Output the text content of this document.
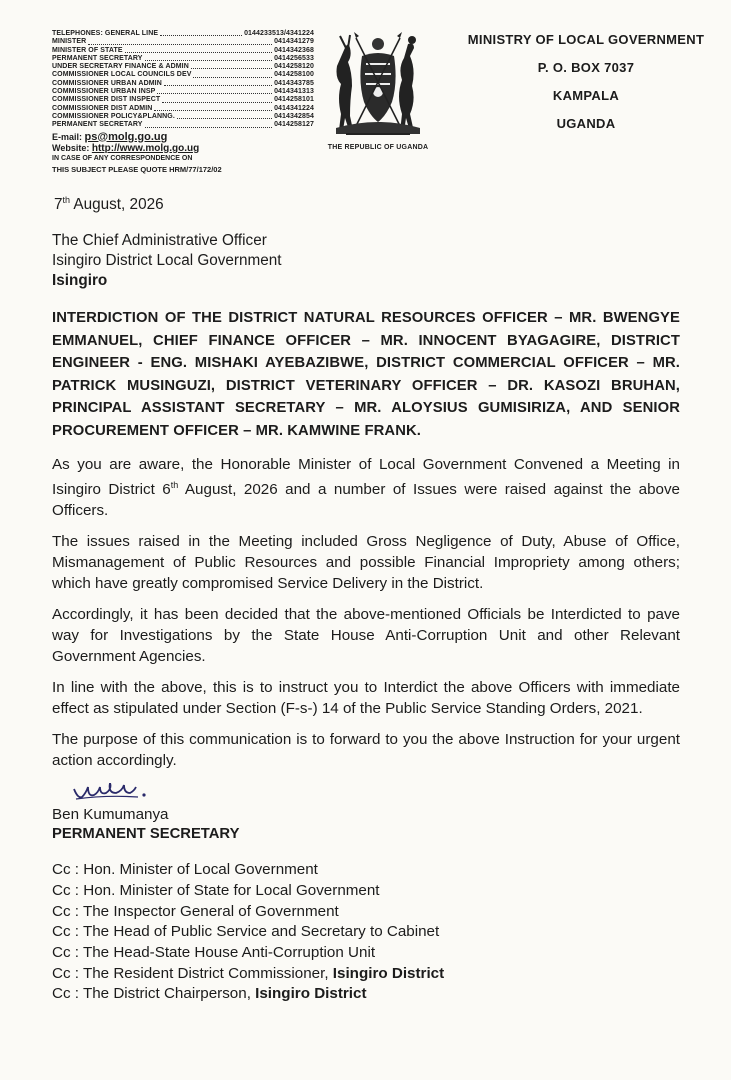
TELEPHONES: GENERAL LINE	0144233513/4341224
MINISTER	0414341279
MINISTER OF STATE	0414342368
PERMANENT SECRETARY	0414256533
UNDER SECRETARY FINANCE & ADMIN	0414258120
COMMISSIONER LOCAL COUNCILS DEV	0414258100
COMMISSIONER URBAN ADMIN	0414343785
COMMISSIONER URBAN INSP	0414341313
COMMISSIONER DIST INSPECT	0414258101
COMMISSIONER DIST ADMIN	0414341224
COMMISSIONER POLICY&PLANNG.	0414342854
PERMANENT SECRETARY	0414258127
E-mail: ps@molg.go.ug
Website: http://www.molg.go.ug
IN CASE OF ANY CORRESPONDENCE ON
THIS SUBJECT PLEASE QUOTE HRM/77/172/02
THE REPUBLIC OF UGANDA
MINISTRY OF LOCAL GOVERNMENT
P. O. BOX 7037
KAMPALA
UGANDA
7th August, 2026
The Chief Administrative Officer
Isingiro District Local Government
Isingiro
INTERDICTION OF THE DISTRICT NATURAL RESOURCES OFFICER – MR. BWENGYE EMMANUEL, CHIEF FINANCE OFFICER – MR. INNOCENT BYAGAGIRE, DISTRICT ENGINEER - ENG. MISHAKI AYEBAZIBWE, DISTRICT COMMERCIAL OFFICER – MR. PATRICK MUSINGUZI, DISTRICT VETERINARY OFFICER – DR. KASOZI BRUHAN, PRINCIPAL ASSISTANT SECRETARY – MR. ALOYSIUS GUMISIRIZA, AND SENIOR PROCUREMENT OFFICER – MR. KAMWINE FRANK.
As you are aware, the Honorable Minister of Local Government Convened a Meeting in Isingiro District 6th August, 2026 and a number of Issues were raised against the above Officers.
The issues raised in the Meeting included Gross Negligence of Duty, Abuse of Office, Mismanagement of Public Resources and possible Financial Impropriety among others; which have greatly compromised Service Delivery in the District.
Accordingly, it has been decided that the above-mentioned Officials be Interdicted to pave way for Investigations by the State House Anti-Corruption Unit and other Relevant Government Agencies.
In line with the above, this is to instruct you to Interdict the above Officers with immediate effect as stipulated under Section (F-s-) 14 of the Public Service Standing Orders, 2021.
The purpose of this communication is to forward to you the above Instruction for your urgent action accordingly.
Ben Kumumanya
PERMANENT SECRETARY
Cc : Hon. Minister of Local Government
Cc : Hon. Minister of State for Local Government
Cc : The Inspector General of Government
Cc : The Head of Public Service and Secretary to Cabinet
Cc : The Head-State House Anti-Corruption Unit
Cc : The Resident District Commissioner, Isingiro District
Cc : The District Chairperson, Isingiro District
